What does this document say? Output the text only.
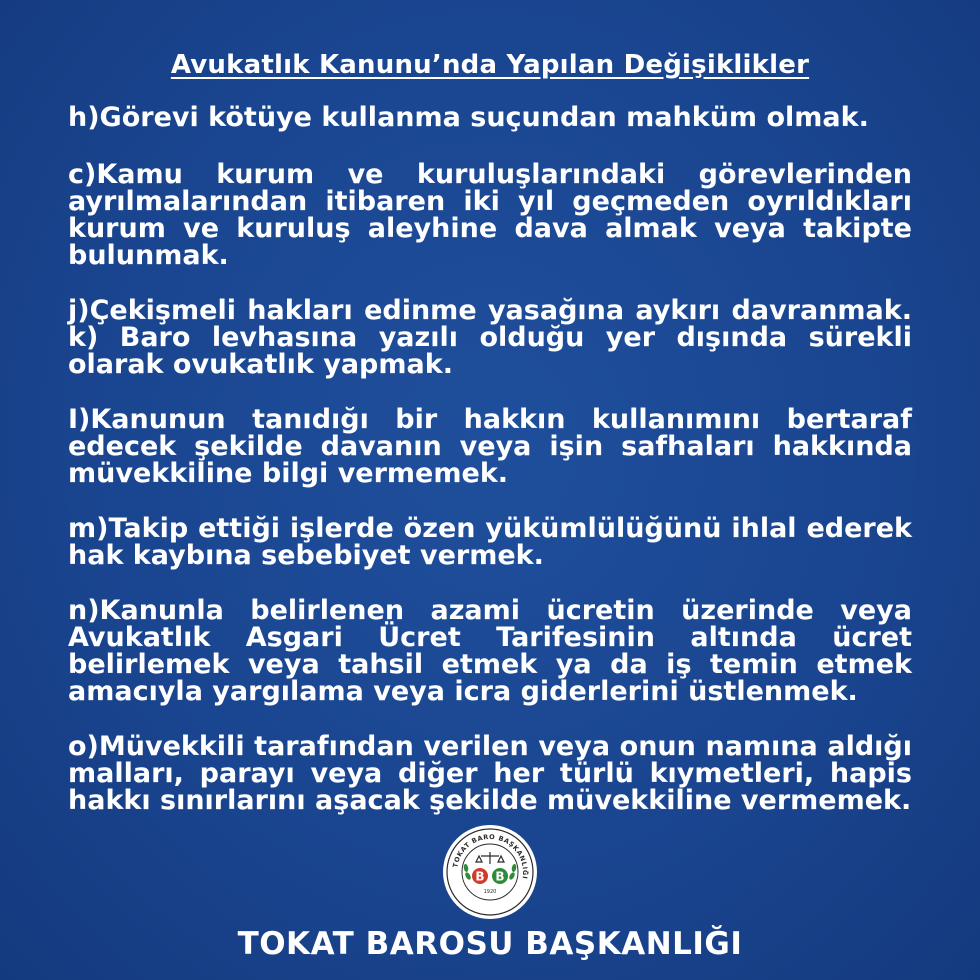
Avukatlık Kanunu’nda Yapılan Değişiklikler

h)Görevi kötüye kullanma suçundan mahküm olmak.

c)Kamu kurum ve kuruluşlarındaki görevlerinden ayrılmalarından itibaren iki yıl geçmeden oyrıldıkları kurum ve kuruluş aleyhine dava almak veya takipte bulunmak.

j)Çekişmeli hakları edinme yasağına aykırı davranmak. k) Baro levhasına yazılı olduğu yer dışında sürekli olarak ovukatlık yapmak.

I)Kanunun tanıdığı bir hakkın kullanımını bertaraf edecek şekilde davanın veya işin safhaları hakkında müvekkiline bilgi vermemek.

m)Takip ettiği işlerde özen yükümlülüğünü ihlal ederek hak kaybına sebebiyet vermek.

n)Kanunla belirlenen azami ücretin üzerinde veya Avukatlık Asgari Ücret Tarifesinin altında ücret belirlemek veya tahsil etmek ya da iş temin etmek amacıyla yargılama veya icra giderlerini üstlenmek.

o)Müvekkili tarafından verilen veya onun namına aldığı malları, parayı veya diğer her türlü kıymetleri, hapis hakkı sınırlarını aşacak şekilde müvekkiline vermemek.

B B
1920
TOKAT BARO BAŞKANLIĞI
TOKAT BAROSU BAŞKANLIĞI
